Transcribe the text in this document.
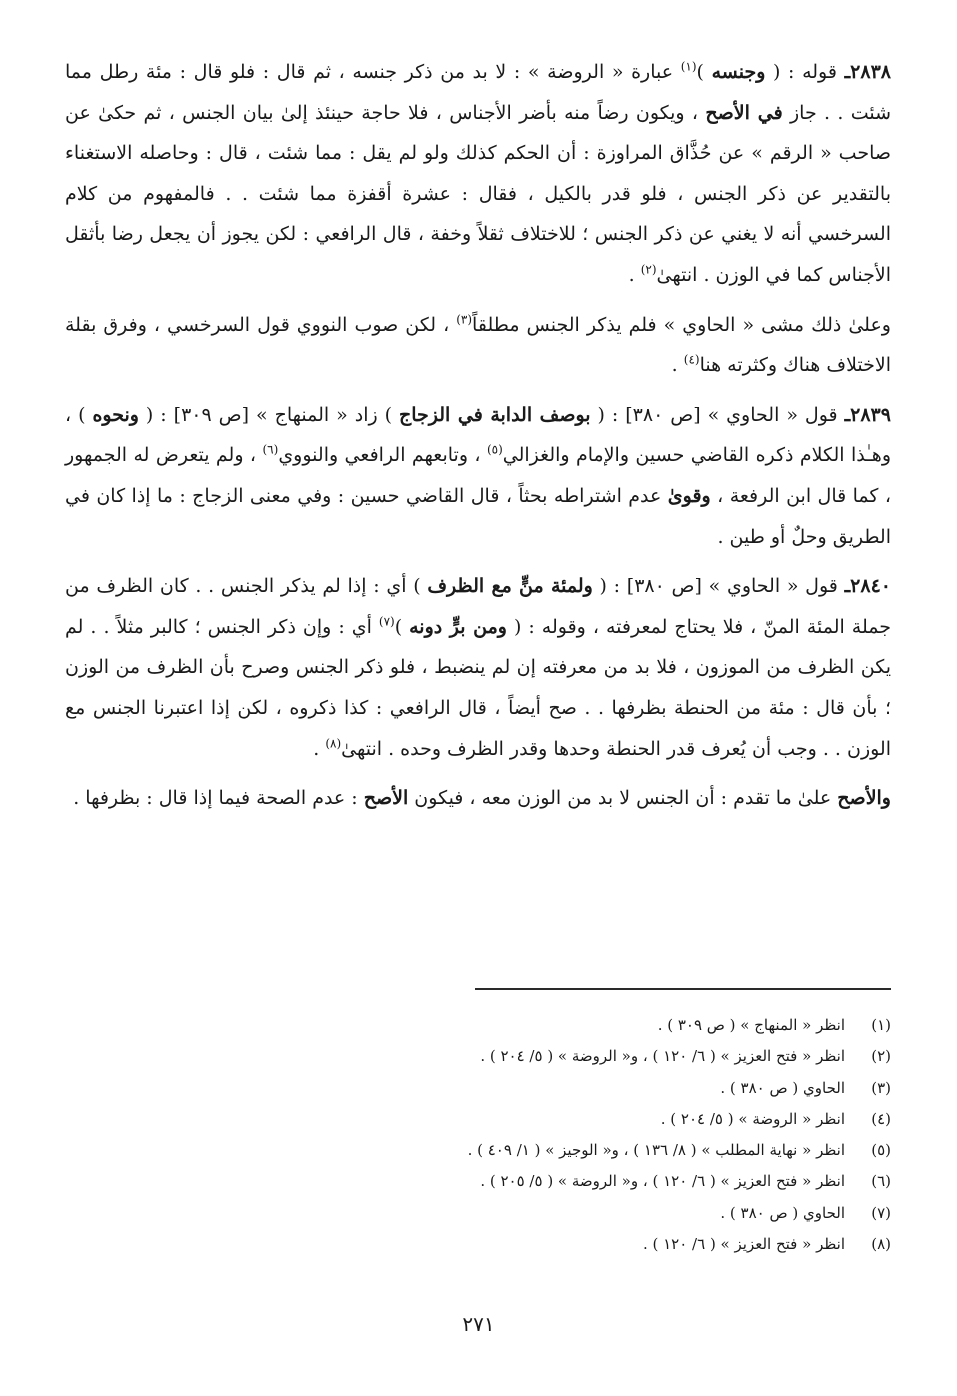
٢٨٣٨ـ قوله : ( وجنسه )$^{(١)}$ عبارة « الروضة » : لا بد من ذكر جنسه ، ثم قال : فلو قال : مئة رطل مما شئت . . جاز في الأصح ، ويكون رضاً منه بأضر الأجناس ، فلا حاجة حينئذ إلىٰ بيان الجنس ، ثم حكىٰ عن صاحب « الرقم » عن حُذَّاق المراوزة : أن الحكم كذلك ولو لم يقل : مما شئت ، قال : وحاصله الاستغناء بالتقدير عن ذكر الجنس ، فلو قدر بالكيل ، فقال : عشرة أقفزة مما شئت . . فالمفهوم من كلام السرخسي أنه لا يغني عن ذكر الجنس ؛ للاختلاف ثقلاً وخفة ، قال الرافعي : لكن يجوز أن يجعل رضا بأثقل الأجناس كما في الوزن . انتهىٰ$^{(٢)}$ .

وعلىٰ ذلك مشى « الحاوي » فلم يذكر الجنس مطلقاً$^{(٣)}$ ، لكن صوب النووي قول السرخسي ، وفرق بقلة الاختلاف هناك وكثرته هنا$^{(٤)}$ .

٢٨٣٩ـ قول « الحاوي » [ص ٣٨٠] : ( بوصف الدابة في الزجاج ) زاد « المنهاج » [ص ٣٠٩] : ( ونحوه ) ، وهـٰذا الكلام ذكره القاضي حسين والإمام والغزالي$^{(٥)}$ ، وتابعهم الرافعي والنووي$^{(٦)}$ ، ولم يتعرض له الجمهور ، كما قال ابن الرفعة ، وقوىٰ عدم اشتراطه بحثاً ، قال القاضي حسين : وفي معنى الزجاج : ما إذا كان في الطريق وحلٌ أو طين .

٢٨٤٠ـ قول « الحاوي » [ص ٣٨٠] : ( ولمئة منٍّ مع الظرف ) أي : إذا لم يذكر الجنس . . كان الظرف من جملة المئة المنّ ، فلا يحتاج لمعرفته ، وقوله : ( ومن برٍّ دونه )$^{(٧)}$ أي : وإن ذكر الجنس ؛ كالبر مثلاً . . لم يكن الظرف من الموزون ، فلا بد من معرفته إن لم ينضبط ، فلو ذكر الجنس وصرح بأن الظرف من الوزن ؛ بأن قال : مئة من الحنطة بظرفها . . صح أيضاً ، قال الرافعي : كذا ذكروه ، لكن إذا اعتبرنا الجنس مع الوزن . . وجب أن يُعرف قدر الحنطة وحدها وقدر الظرف وحده . انتهىٰ$^{(٨)}$ .

والأصح علىٰ ما تقدم : أن الجنس لا بد من الوزن معه ، فيكون الأصح : عدم الصحة فيما إذا قال : بظرفها .

(١)
انظر « المنهاج » ( ص ٣٠٩ ) .
(٢)
انظر « فتح العزيز » ( ٦/ ١٢٠ ) ، و« الروضة » ( ٥/ ٢٠٤ ) .
(٣)
الحاوي ( ص ٣٨٠ ) .
(٤)
انظر « الروضة » ( ٥/ ٢٠٤ ) .
(٥)
انظر « نهاية المطلب » ( ٨/ ١٣٦ ) ، و« الوجيز » ( ١/ ٤٠٩ ) .
(٦)
انظر « فتح العزيز » ( ٦/ ١٢٠ ) ، و« الروضة » ( ٥/ ٢٠٥ ) .
(٧)
الحاوي ( ص ٣٨٠ ) .
(٨)
انظر « فتح العزيز » ( ٦/ ١٢٠ ) .
٢٧١
